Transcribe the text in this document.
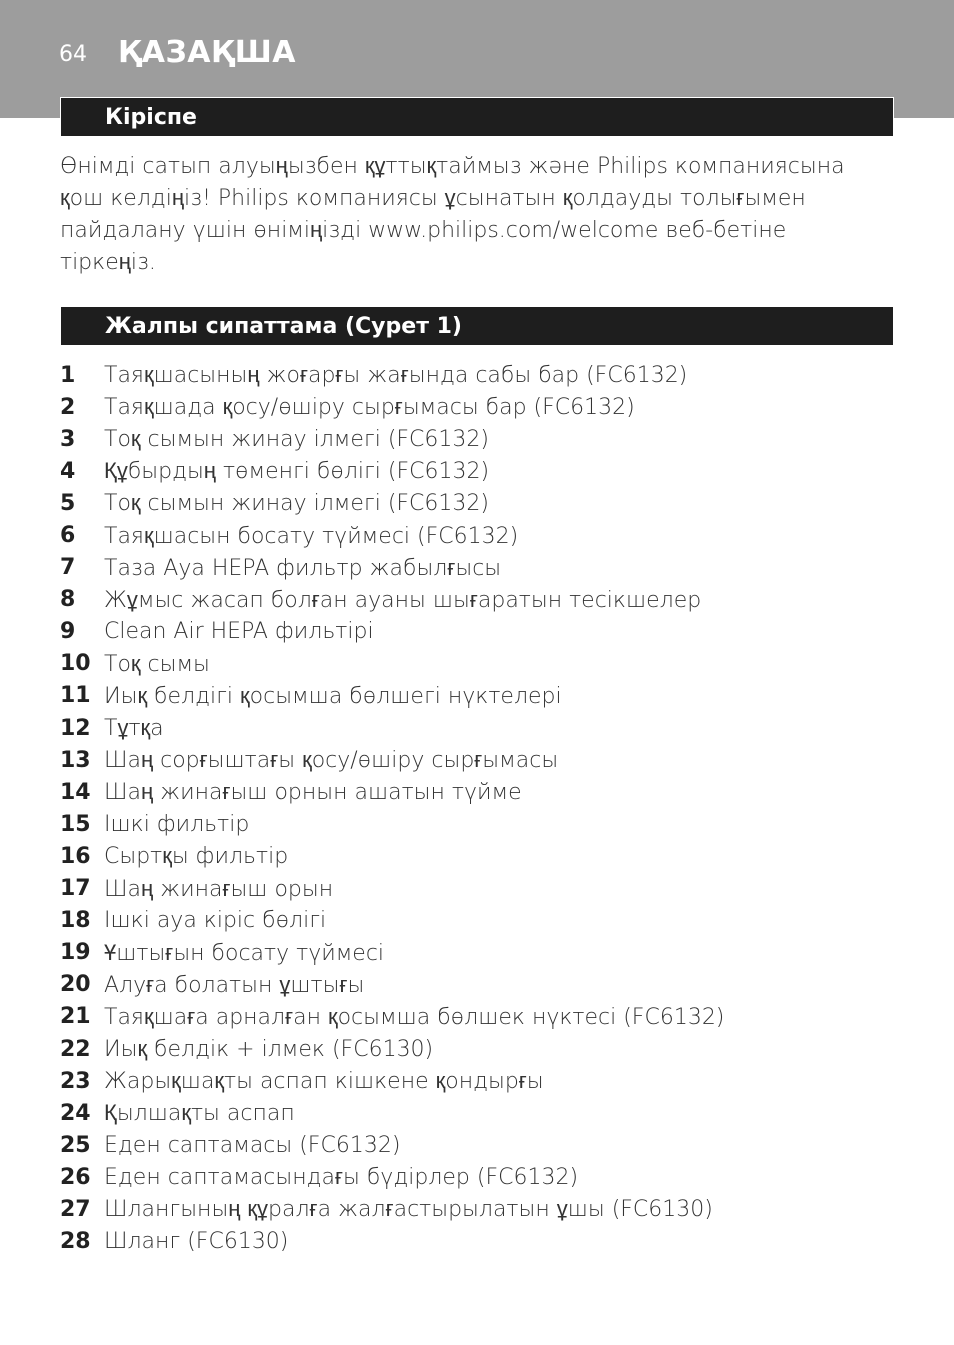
64 ҚАЗАҚША
Кіріспе

Өнімді сатып алуыңызбен құттықтаймыз және Philips компаниясына қош келдіңіз! Philips компаниясы ұсынатын қолдауды толығымен пайдалану үшін өніміңізді www.philips.com/welcome веб-бетіне тіркеңіз.

Жалпы сипаттама (Сурет 1)
1	Таяқшасының жоғарғы жағында сабы бар (FC6132)
2	Таяқшада қосу/өшіру сырғымасы бар (FC6132)
3	Тоқ сымын жинау ілмегі (FC6132)
4	Құбырдың төменгі бөлігі (FC6132)
5	Тоқ сымын жинау ілмегі (FC6132)
6	Таяқшасын босату түймесі (FC6132)
7	Таза Ауа HEPA фильтр жабылғысы
8	Жұмыс жасап болған ауаны шығаратын тесікшелер
9	Clean Air HEPA фильтірі
10 Тоқ сымы
11 Иық белдігі қосымша бөлшегі нүктелері
12 Тұтқа
13 Шаң сорғыштағы қосу/өшіру сырғымасы
14 Шаң жинағыш орнын ашатын түйме
15 Ішкі фильтір
16 Сыртқы фильтір
17 Шаң жинағыш орын
18 Ішкі ауа кіріс бөлігі
19 Ұштығын босату түймесі
20 Алуға болатын ұштығы
21 Таяқшаға арналған қосымша бөлшек нүктесі (FC6132)
22 Иық белдік + ілмек (FC6130)
23 Жарықшақты аспап кішкене қондырғы
24 Қылшақты аспап
25 Еден саптамасы (FC6132)
26 Еден саптамасындағы бүдірлер (FC6132)
27 Шлангының құралға жалғастырылатын ұшы (FC6130)
28 Шланг (FC6130)
